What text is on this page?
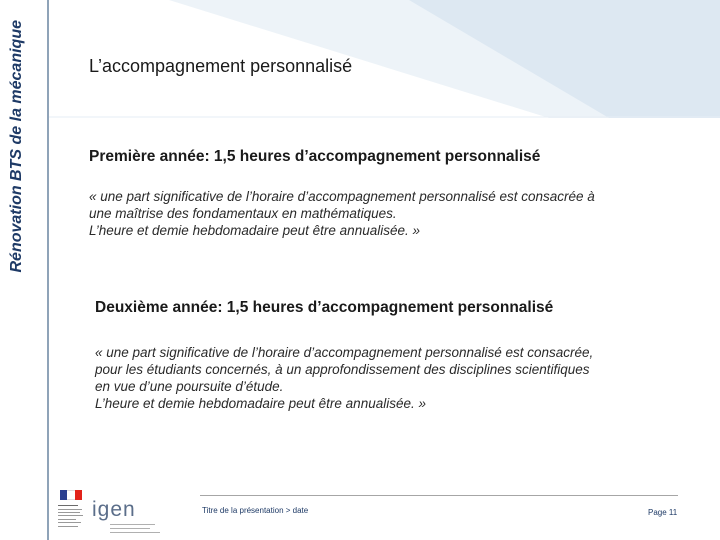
Rénovation BTS de la mécanique	L’accompagnement personnalisé
Première année: 1,5 heures d’accompagnement personnalisé
« une part significative de l’horaire d’accompagnement personnalisé est consacrée à
une maîtrise des fondamentaux en mathématiques.
L’heure et demie hebdomadaire peut être annualisée. »
Deuxième année: 1,5 heures d’accompagnement personnalisé
« une part significative de l’horaire d’accompagnement personnalisé est consacrée,
pour les étudiants concernés, à un approfondissement des disciplines scientifiques
en vue d’une poursuite d’étude.
L’heure et demie hebdomadaire peut être annualisée. »
igen	Titre de la présentation > date	Page 11
